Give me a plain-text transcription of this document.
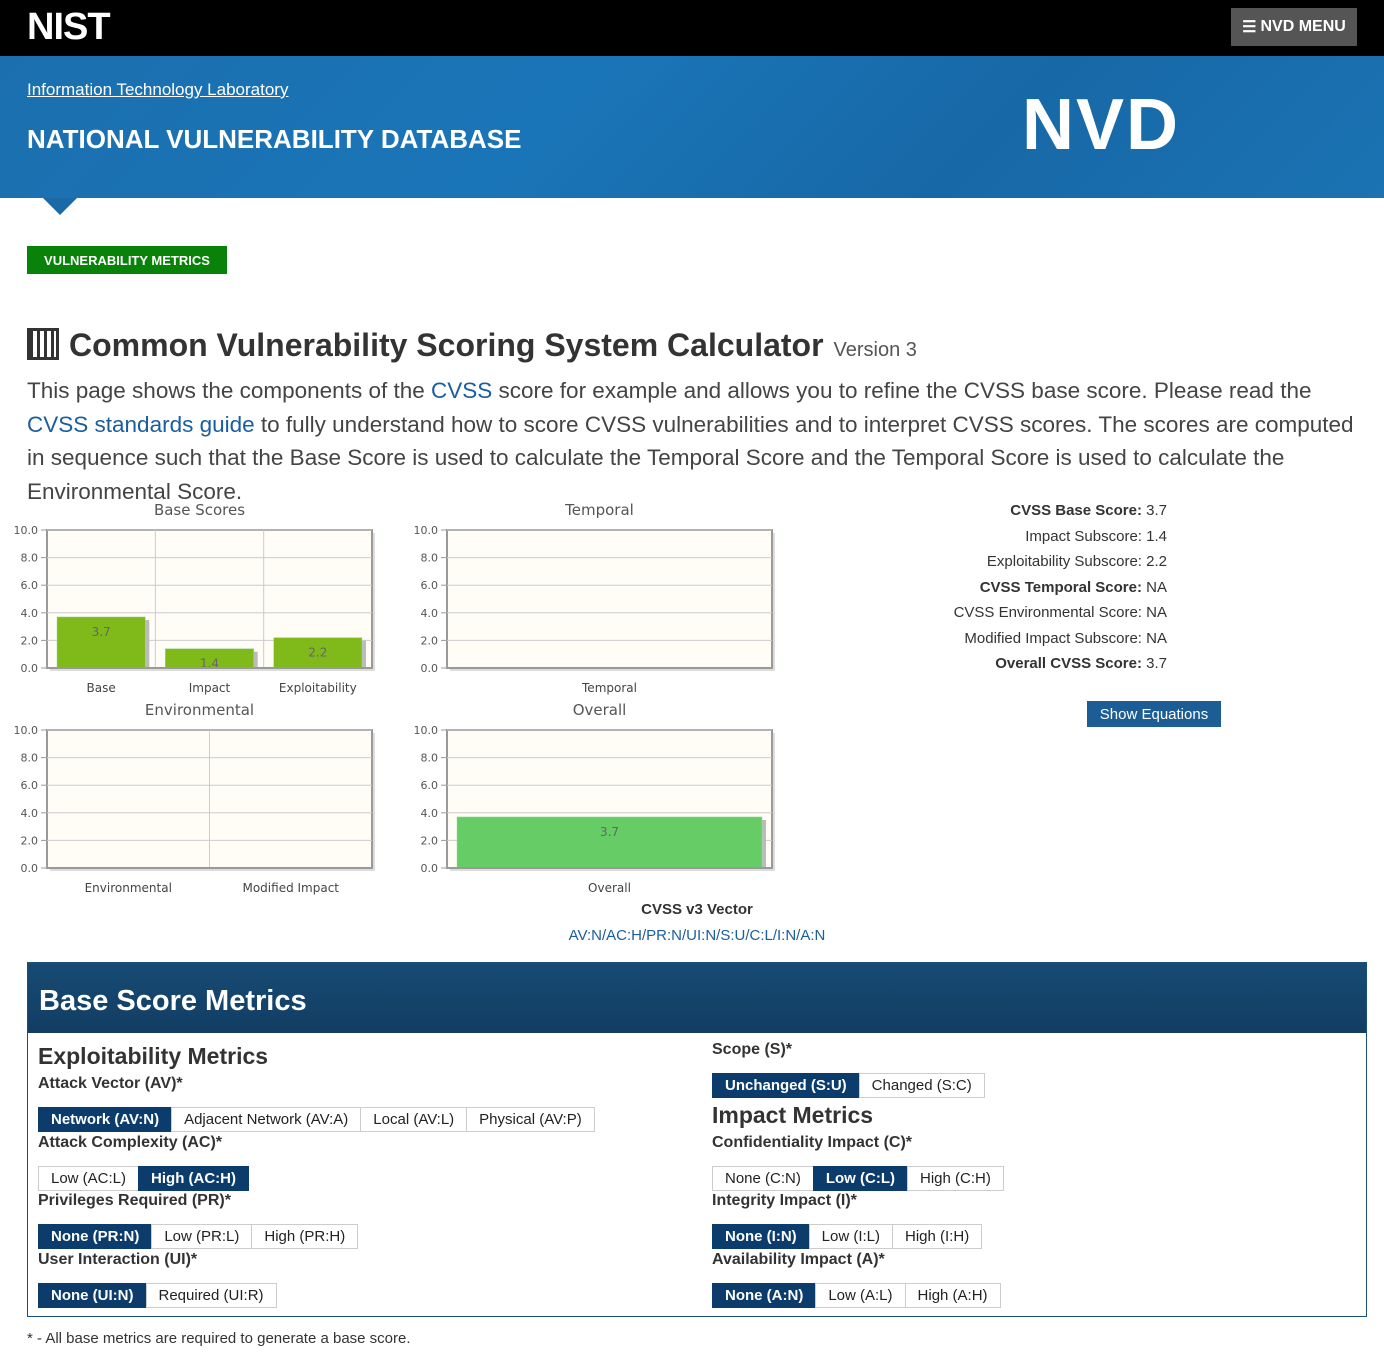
NIST	☰ NVD MENU
Information Technology Laboratory
NATIONAL VULNERABILITY DATABASE	NVD
VULNERABILITY METRICS
Common Vulnerability Scoring System Calculator Version 3

This page shows the components of the CVSS score for example and allows you to refine the CVSS base score. Please read the CVSS standards guide to fully understand how to score CVSS vulnerabilities and to interpret CVSS scores. The scores are computed in sequence such that the Base Score is used to calculate the Temporal Score and the Temporal Score is used to calculate the Environmental Score.

Base Scores
0.0
2.0
4.0
6.0
8.0
10.0
3.7
Base
1.4
Impact
2.2
Exploitability
Temporal
0.0
2.0
4.0
6.0
8.0
10.0
Temporal
Environmental
0.0
2.0
4.0
6.0
8.0
10.0
Environmental	Modified Impact
Overall
0.0
2.0
4.0
6.0
8.0
10.0
3.7
Overall
CVSS Base Score: 3.7
Impact Subscore: 1.4
Exploitability Subscore: 2.2
CVSS Temporal Score: NA
CVSS Environmental Score: NA
Modified Impact Subscore: NA
Overall CVSS Score: 3.7
Show Equations
CVSS v3 Vector
AV:N/AC:H/PR:N/UI:N/S:U/C:L/I:N/A:N
Base Score Metrics
Exploitability Metrics
Impact Metrics
Attack Vector (AV)*
Network (AV:N)	Adjacent Network (AV:A)	Local (AV:L)	Physical (AV:P)
Attack Complexity (AC)*
Low (AC:L)	High (AC:H)
Privileges Required (PR)*
None (PR:N)	Low (PR:L)	High (PR:H)
User Interaction (UI)*
None (UI:N)	Required (UI:R)
Scope (S)*
Unchanged (S:U)	Changed (S:C)
Confidentiality Impact (C)*
None (C:N)	Low (C:L)	High (C:H)
Integrity Impact (I)*
None (I:N)	Low (I:L)	High (I:H)
Availability Impact (A)*
None (A:N)	Low (A:L)	High (A:H)
* - All base metrics are required to generate a base score.
